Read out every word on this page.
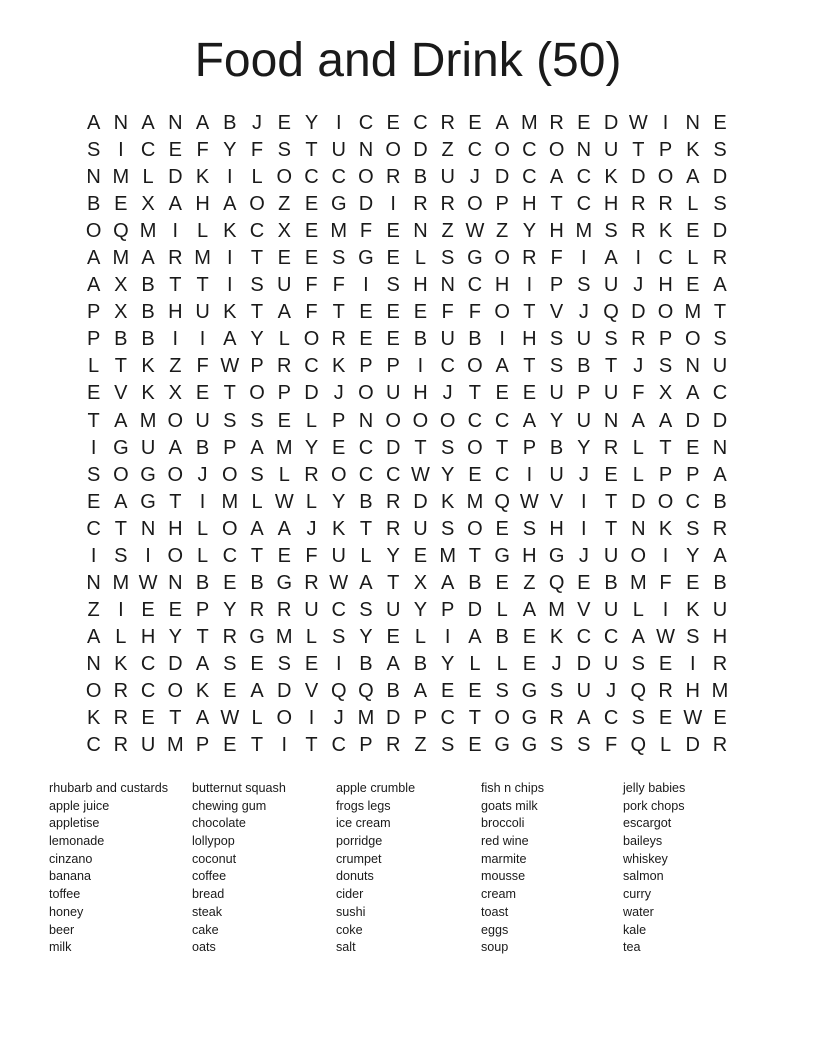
Food and Drink (50)
A N A N A B J E Y I C E C R E A M R E D W I N E
S I C E F Y F S T U N O D Z C O C O N U T P K S
N M L D K I L O C C O R B U J D C A C K D O A D
B E X A H A O Z E G D I R R O P H T C H R R L S
O Q M I L K C X E M F E N Z W Z Y H M S R K E D
A M A R M I T E E S G E L S G O R F I A I C L R
A X B T T I S U F F I S H N C H I P S U J H E A
P X B H U K T A F T E E E F F O T V J Q D O M T
P B B I	I A Y L O R E E B U B I H S U S R P O S
L T K Z F W P R C K P P I C O A T S B T J S N U
E V K X E T O P D J O U H J T E E U P U F X A C
T A M O U S S E L P N O O O C C A Y U N A A D D
I G U A B P A M Y E C D T S O T P B Y R L T E N
S O G O J O S L R O C C W Y E C I U J E L P P A
E A G T I M L W L Y B R D K M Q W V I T D O C B
C T N H L O A A J K T R U S O E S H I T N K S R
I S I O L C T E F U L Y E M T G H G J U O I Y A
N M W N B E B G R W A T X A B E Z Q E B M F E B
Z I E E P Y R R U C S U Y P D L A M V U L I K U
A L H Y T R G M L S Y E L I A B E K C C A W S H
N K C D A S E S E I B A B Y L L E J D U S E I R
O R C O K E A D V Q Q B A E E S G S U J Q R H M
K R E T A W L O I J M D P C T O G R A C S E W E
C R U M P E T I T C P R Z S E G G S S F Q L D R
rhubarb and custards
apple juice
appletise
lemonade
cinzano
banana
toffee
honey
beer
milk
butternut squash
chewing gum
chocolate
lollypop
coconut
coffee
bread
steak
cake
oats
apple crumble
frogs legs
ice cream
porridge
crumpet
donuts
cider
sushi
coke
salt
fish n chips
goats milk
broccoli
red wine
marmite
mousse
cream
toast
eggs
soup
jelly babies
pork chops
escargot
baileys
whiskey
salmon
curry
water
kale
tea
